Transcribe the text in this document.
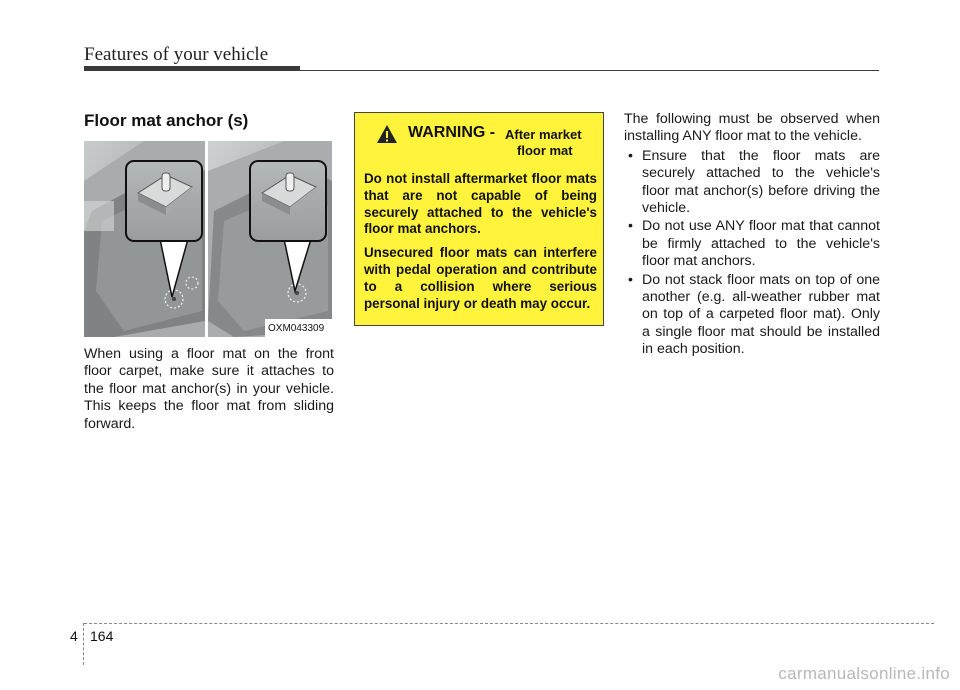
Features of your vehicle
Floor mat anchor (s)
OXM043309

When using a floor mat on the front floor carpet, make sure it attaches to the floor mat anchor(s) in your vehicle. This keeps the floor mat from sliding forward.

WARNING - After market
floor mat

Do not install aftermarket floor mats that are not capable of being securely attached to the vehicle's floor mat anchors.

Unsecured floor mats can interfere with pedal operation and contribute to a collision where serious personal injury or death may occur.

The following must be observed when installing ANY floor mat to the vehicle.

• Ensure that the floor mats are securely attached to the vehicle's floor mat anchor(s) before driving the vehicle.
• Do not use ANY floor mat that cannot be firmly attached to the vehicle's floor mat anchors.
• Do not stack floor mats on top of one another (e.g. all-weather rubber mat on top of a carpeted floor mat). Only a single floor mat should be installed in each position.
4 164
carmanualsonline.info
